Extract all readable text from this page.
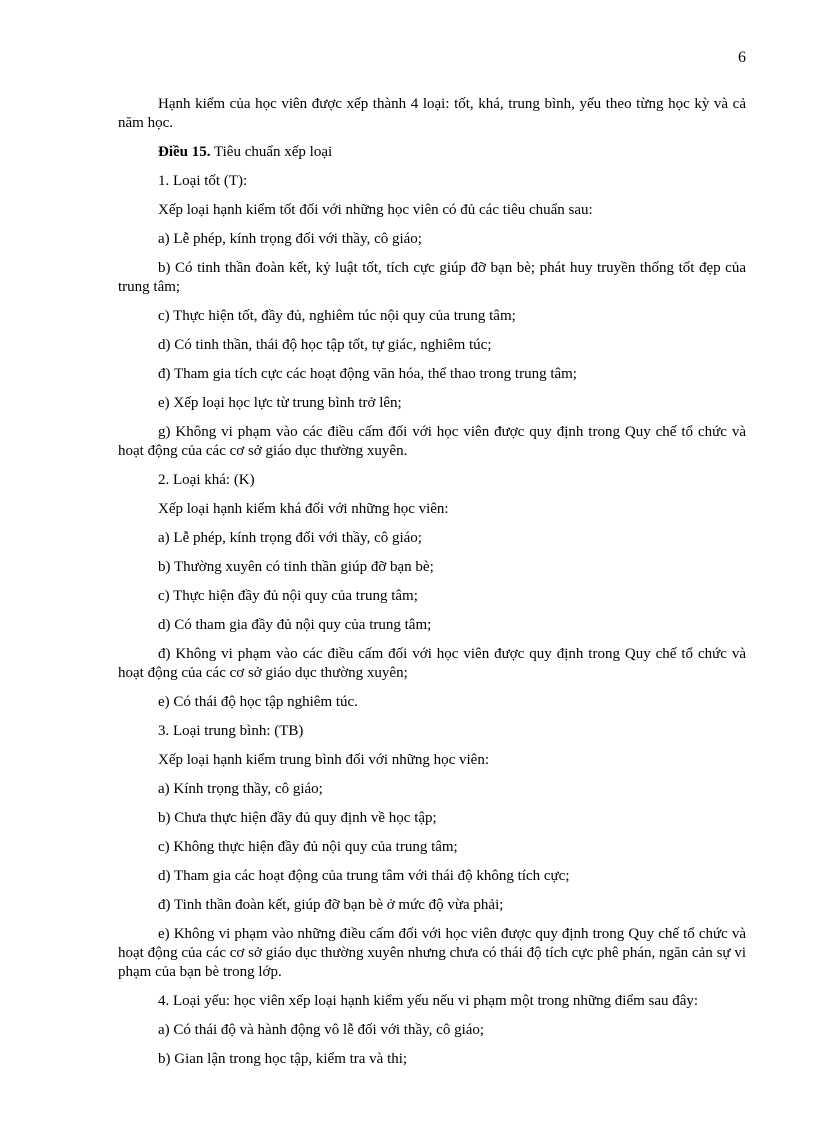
6

Hạnh kiểm của học viên được xếp thành 4 loại: tốt, khá, trung bình, yếu theo từng học kỳ và cả năm học.

Điều 15. Tiêu chuẩn xếp loại

1. Loại tốt (T):

Xếp loại hạnh kiểm tốt đối với những học viên có đủ các tiêu chuẩn sau:

a) Lễ phép, kính trọng đối với thầy, cô giáo;

b) Có tinh thần đoàn kết, kỷ luật tốt, tích cực giúp đỡ bạn bè; phát huy truyền thống tốt đẹp của trung tâm;

c) Thực hiện tốt, đầy đủ, nghiêm túc nội quy của trung tâm;

d) Có tinh thần, thái độ học tập tốt, tự giác, nghiêm túc;

đ) Tham gia tích cực các hoạt động văn hóa, thể thao trong trung tâm;

e) Xếp loại học lực từ trung bình trở lên;

g) Không vi phạm vào các điều cấm đối với học viên được quy định trong Quy chế tổ chức và hoạt động của các cơ sở giáo dục thường xuyên.

2. Loại khá: (K)

Xếp loại hạnh kiểm khá đối với những học viên:

a) Lễ phép, kính trọng đối với thầy, cô giáo;

b) Thường xuyên có tinh thần giúp đỡ bạn bè;

c) Thực hiện đầy đủ nội quy của trung tâm;

d) Có tham gia đầy đủ nội quy của trung tâm;

đ) Không vi phạm vào các điều cấm đối với học viên được quy định trong Quy chế tổ chức và hoạt động của các cơ sở giáo dục thường xuyên;

e) Có thái độ học tập nghiêm túc.

3. Loại trung bình: (TB)

Xếp loại hạnh kiểm trung bình đối với những học viên:

a) Kính trọng thầy, cô giáo;

b) Chưa thực hiện đầy đủ quy định về học tập;

c) Không thực hiện đầy đủ nội quy của trung tâm;

d) Tham gia các hoạt động của trung tâm với thái độ không tích cực;

đ) Tinh thần đoàn kết, giúp đỡ bạn bè ở mức độ vừa phải;

e) Không vi phạm vào những điều cấm đối với học viên được quy định trong Quy chế tổ chức và hoạt động của các cơ sở giáo dục thường xuyên nhưng chưa có thái độ tích cực phê phán, ngăn cản sự vi phạm của bạn bè trong lớp.

4. Loại yếu: học viên xếp loại hạnh kiểm yếu nếu vi phạm một trong những điểm sau đây:

a) Có thái độ và hành động vô lễ đối với thầy, cô giáo;

b) Gian lận trong học tập, kiểm tra và thi;
